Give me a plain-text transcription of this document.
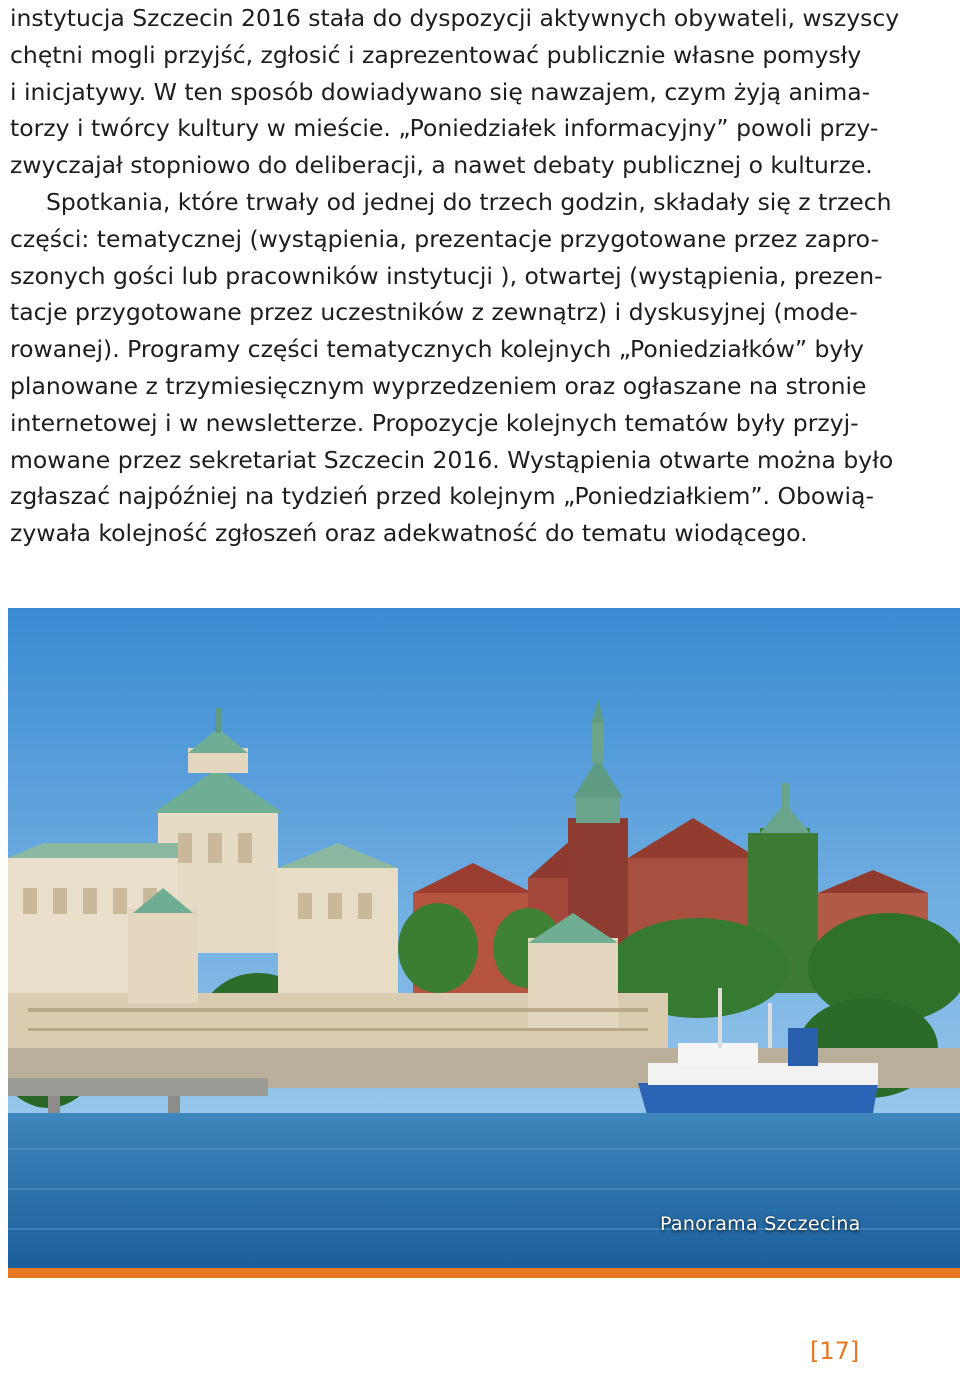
instytucja Szczecin 2016 stała do dyspozycji aktywnych obywateli, wszyscy
chętni mogli przyjść, zgłosić i zaprezentować publicznie własne pomysły
i inicjatywy. W ten sposób dowiadywano się nawzajem, czym żyją anima-
torzy i twórcy kultury w mieście. „Poniedziałek informacyjny” powoli przy-
zwyczajał stopniowo do deliberacji, a nawet debaty publicznej o kulturze.
Spotkania, które trwały od jednej do trzech godzin, składały się z trzech
części: tematycznej (wystąpienia, prezentacje przygotowane przez zapro-
szonych gości lub pracowników instytucji ), otwartej (wystąpienia, prezen-
tacje przygotowane przez uczestników z zewnątrz) i dyskusyjnej (mode-
rowanej). Programy części tematycznych kolejnych „Poniedziałków” były
planowane z trzymiesięcznym wyprzedzeniem oraz ogłaszane na stronie
internetowej i w newsletterze. Propozycje kolejnych tematów były przyj-
mowane przez sekretariat Szczecin 2016. Wystąpienia otwarte można było
zgłaszać najpóźniej na tydzień przed kolejnym „Poniedziałkiem”. Obowią-
zywała kolejność zgłoszeń oraz adekwatność do tematu wiodącego.
Panorama Szczecina
[17]
